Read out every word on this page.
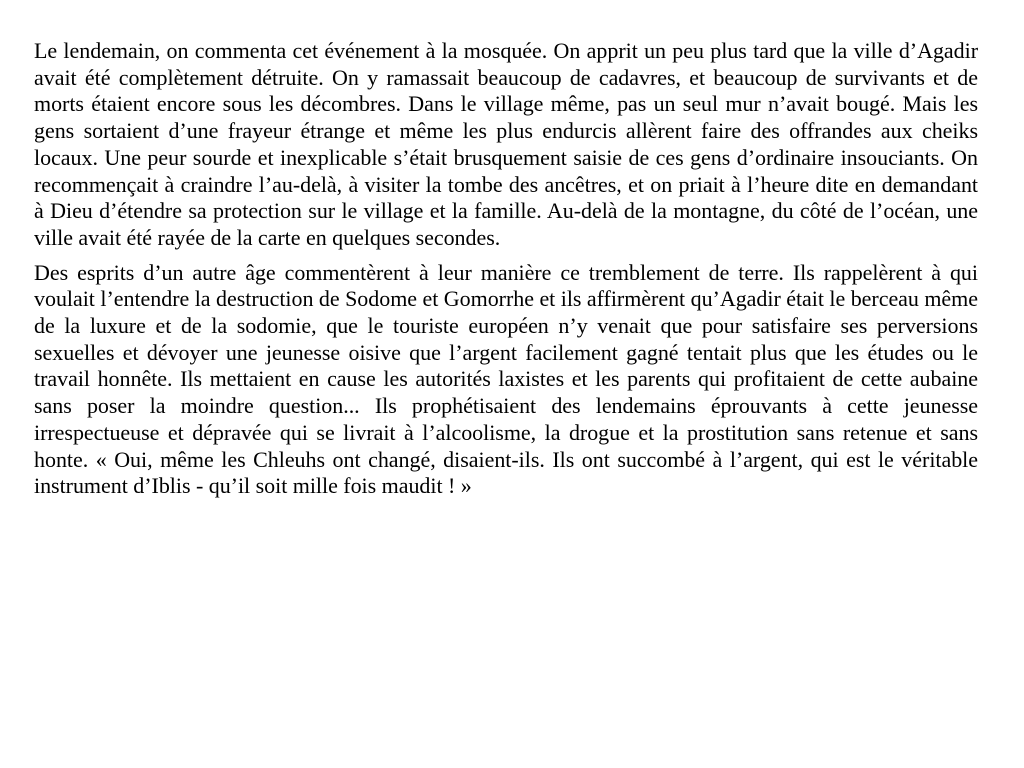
Le lendemain, on commenta cet événement à la mosquée. On apprit un peu plus tard que la ville d’Agadir avait été complètement détruite. On y ramassait beaucoup de cadavres, et beaucoup de survivants et de morts étaient encore sous les décombres. Dans le village même, pas un seul mur n’avait bougé. Mais les gens sortaient d’une frayeur étrange et même les plus endurcis allèrent faire des offrandes aux cheiks locaux. Une peur sourde et inexplicable s’était brusquement saisie de ces gens d’ordinaire insouciants. On recommençait à craindre l’au-delà, à visiter la tombe des ancêtres, et on priait à l’heure dite en demandant à Dieu d’étendre sa protection sur le village et la famille. Au-delà de la montagne, du côté de l’océan, une ville avait été rayée de la carte en quelques secondes.

Des esprits d’un autre âge commentèrent à leur manière ce tremblement de terre. Ils rappelèrent à qui voulait l’entendre la destruction de Sodome et Gomorrhe et ils affirmèrent qu’Agadir était le berceau même de la luxure et de la sodomie, que le touriste européen n’y venait que pour satisfaire ses perversions sexuelles et dévoyer une jeunesse oisive que l’argent facilement gagné tentait plus que les études ou le travail honnête. Ils mettaient en cause les autorités laxistes et les parents qui profitaient de cette aubaine sans poser la moindre question... Ils prophétisaient des lendemains éprouvants à cette jeunesse irrespectueuse et dépravée qui se livrait à l’alcoolisme, la drogue et la prostitution sans retenue et sans honte. « Oui, même les Chleuhs ont changé, disaient-ils. Ils ont succombé à l’argent, qui est le véritable instrument d’Iblis - qu’il soit mille fois maudit ! »
